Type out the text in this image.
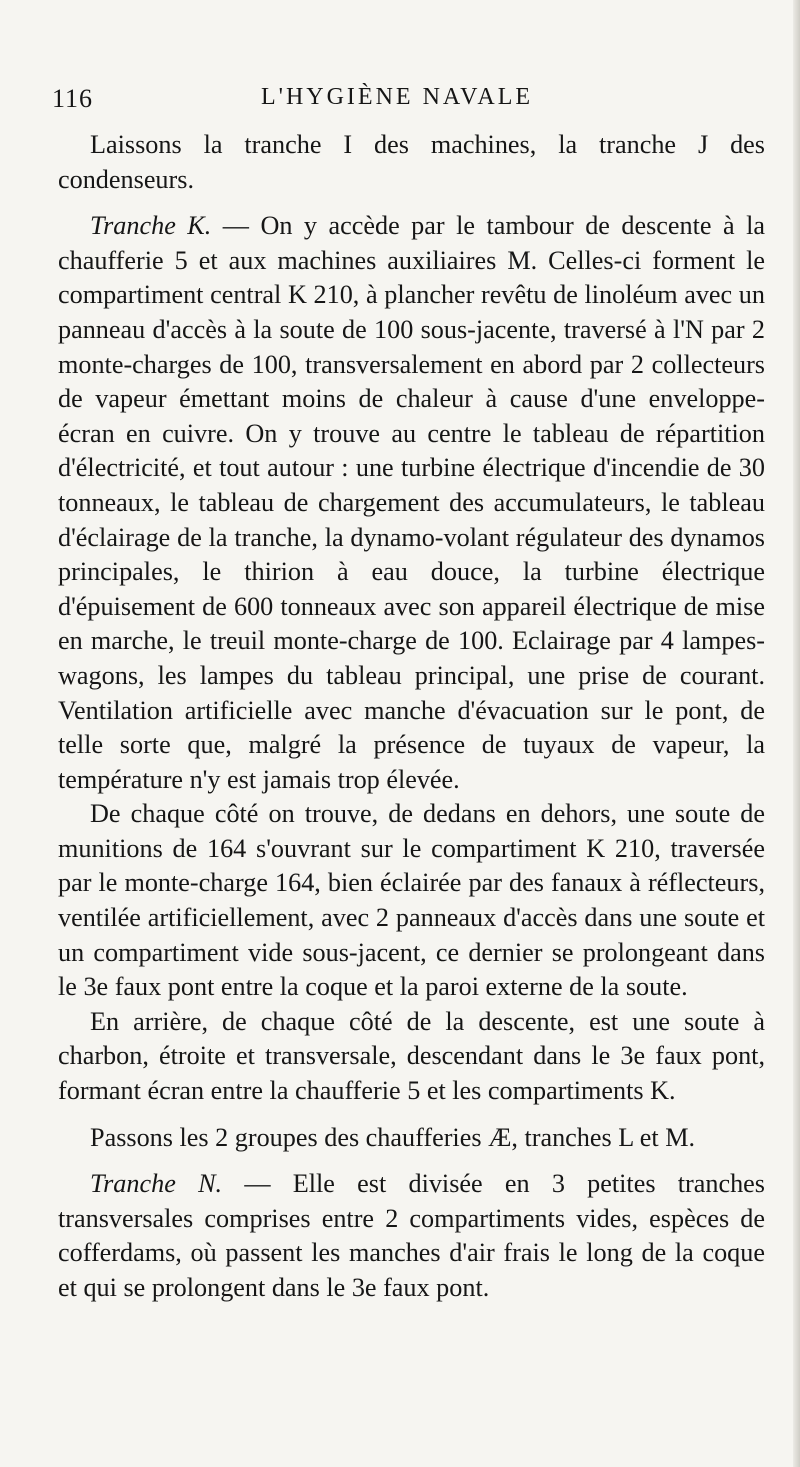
116	L'HYGIÈNE NAVALE

Laissons la tranche I des machines, la tranche J des condenseurs.

Tranche K. — On y accède par le tambour de descente à la chaufferie 5 et aux machines auxiliaires M. Celles-ci forment le compartiment central K 210, à plancher revêtu de linoléum avec un panneau d'accès à la soute de 100 sous-jacente, traversé à l'N par 2 monte-charges de 100, transversalement en abord par 2 collecteurs de vapeur émettant moins de chaleur à cause d'une enveloppe-écran en cuivre. On y trouve au centre le tableau de répartition d'électricité, et tout autour : une turbine électrique d'incendie de 30 tonneaux, le tableau de chargement des accumulateurs, le tableau d'éclairage de la tranche, la dynamo-volant régulateur des dynamos principales, le thirion à eau douce, la turbine électrique d'épuisement de 600 tonneaux avec son appareil électrique de mise en marche, le treuil monte-charge de 100. Eclairage par 4 lampes-wagons, les lampes du tableau principal, une prise de courant. Ventilation artificielle avec manche d'évacuation sur le pont, de telle sorte que, malgré la présence de tuyaux de vapeur, la température n'y est jamais trop élevée.

De chaque côté on trouve, de dedans en dehors, une soute de munitions de 164 s'ouvrant sur le compartiment K 210, traversée par le monte-charge 164, bien éclairée par des fanaux à réflecteurs, ventilée artificiellement, avec 2 panneaux d'accès dans une soute et un compartiment vide sous-jacent, ce dernier se prolongeant dans le 3e faux pont entre la coque et la paroi externe de la soute.

En arrière, de chaque côté de la descente, est une soute à charbon, étroite et transversale, descendant dans le 3e faux pont, formant écran entre la chaufferie 5 et les compartiments K.

Passons les 2 groupes des chaufferies Æ, tranches L et M.

Tranche N. — Elle est divisée en 3 petites tranches transversales comprises entre 2 compartiments vides, espèces de cofferdams, où passent les manches d'air frais le long de la coque et qui se prolongent dans le 3e faux pont.
